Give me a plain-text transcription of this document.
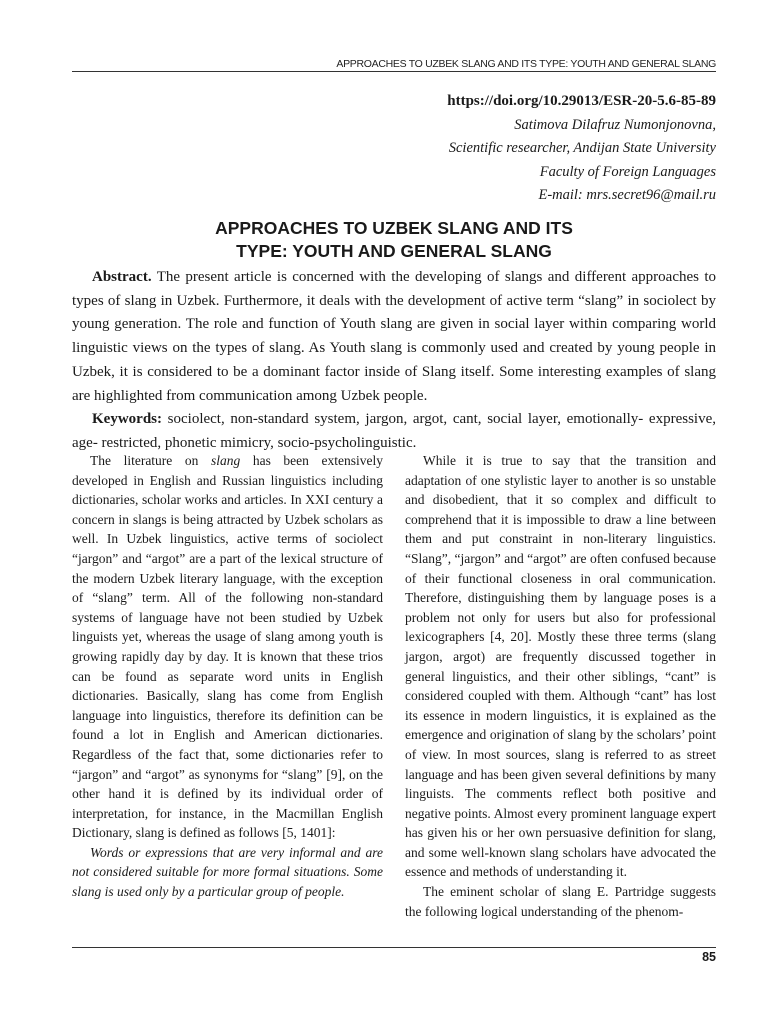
APPROACHES TO UZBEK SLANG AND ITS TYPE: YOUTH AND GENERAL SLANG
https://doi.org/10.29013/ESR-20-5.6-85-89
Satimova Dilafruz Numonjonovna,
Scientific researcher, Andijan State University
Faculty of Foreign Languages
E-mail: mrs.secret96@mail.ru
APPROACHES TO UZBEK SLANG AND ITS
TYPE: YOUTH AND GENERAL SLANG

Abstract. The present article is concerned with the developing of slangs and different approaches to types of slang in Uzbek. Furthermore, it deals with the development of active term “slang” in sociolect by young generation. The role and function of Youth slang are given in social layer within comparing world linguistic views on the types of slang. As Youth slang is commonly used and created by young people in Uzbek, it is considered to be a dominant factor inside of Slang itself. Some interesting examples of slang are highlighted from communication among Uzbek people.

Keywords: sociolect, non-standard system, jargon, argot, cant, social layer, emotionally- expressive, age- restricted, phonetic mimicry, socio-psycholinguistic.

The literature on slang has been extensively developed in English and Russian linguistics including dictionaries, scholar works and articles. In XXI century a concern in slangs is being attracted by Uzbek scholars as well. In Uzbek linguistics, active terms of sociolect “jargon” and “argot” are a part of the lexical structure of the modern Uzbek literary language, with the exception of “slang” term. All of the following non-standard systems of language have not been studied by Uzbek linguists yet, whereas the usage of slang among youth is growing rapidly day by day. It is known that these trios can be found as separate word units in English dictionaries. Basically, slang has come from English language into linguistics, therefore its definition can be found a lot in English and American dictionaries. Regardless of the fact that, some dictionaries refer to “jargon” and “argot” as synonyms for “slang” [9], on the other hand it is defined by its individual order of interpretation, for instance, in the Macmillan English Dictionary, slang is defined as follows [5, 1401]:

Words or expressions that are very informal and are not considered suitable for more formal situations. Some slang is used only by a particular group of people.

While it is true to say that the transition and adaptation of one stylistic layer to another is so unstable and disobedient, that it so complex and difficult to comprehend that it is impossible to draw a line between them and put constraint in non-literary linguistics. “Slang”, “jargon” and “argot” are often confused because of their functional closeness in oral communication. Therefore, distinguishing them by language poses is a problem not only for users but also for professional lexicographers [4, 20]. Mostly these three terms (slang jargon, argot) are frequently discussed together in general linguistics, and their other siblings, “cant” is considered coupled with them. Although “cant” has lost its essence in modern linguistics, it is explained as the emergence and origination of slang by the scholars’ point of view. In most sources, slang is referred to as street language and has been given several definitions by many linguists. The comments reflect both positive and negative points. Almost every prominent language expert has given his or her own persuasive definition for slang, and some well-known slang scholars have advocated the essence and methods of understanding it.

The eminent scholar of slang E. Partridge suggests the following logical understanding of the phenom-

85
